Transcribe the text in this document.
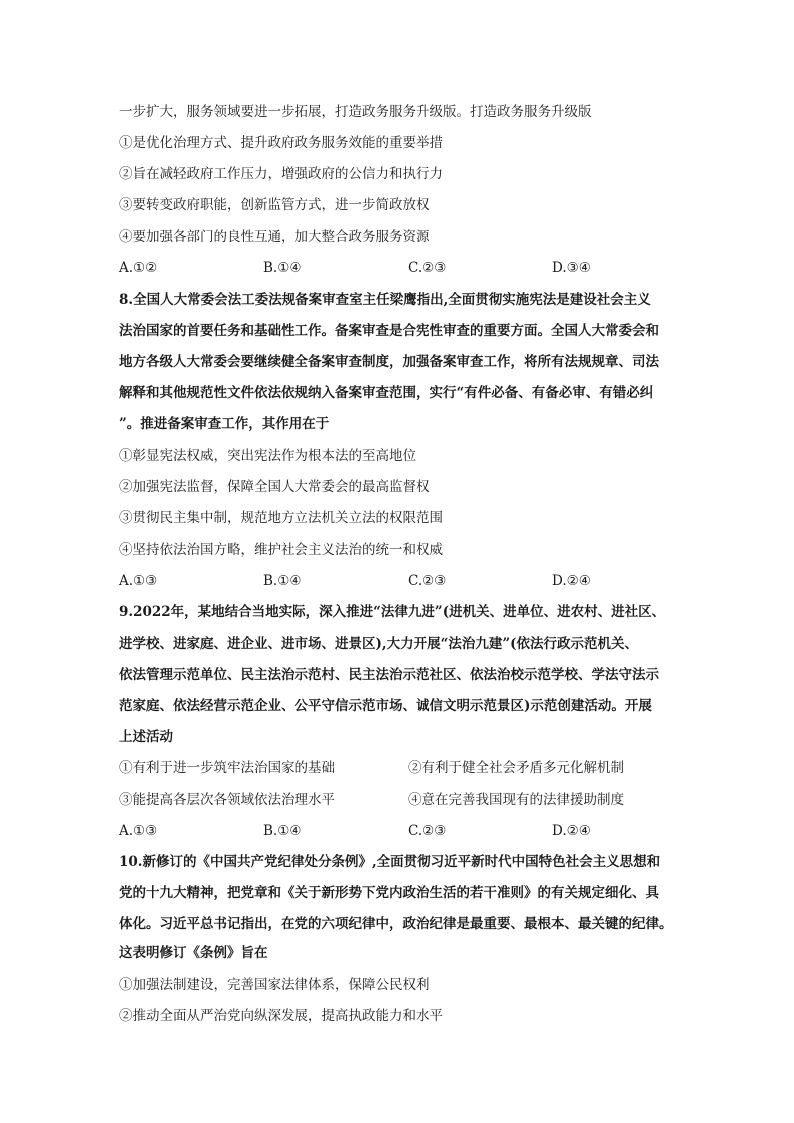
一步扩大，服务领域要进一步拓展，打造政务服务升级版。打造政务服务升级版
①是优化治理方式、提升政府政务服务效能的重要举措
②旨在减轻政府工作压力，增强政府的公信力和执行力
③要转变政府职能，创新监管方式，进一步简政放权
④要加强各部门的良性互通，加大整合政务服务资源
A.①②	B.①④	C.②③	D.③④
8.全国人大常委会法工委法规备案审查室主任梁鹰指出,全面贯彻实施宪法是建设社会主义
法治国家的首要任务和基础性工作。备案审查是合宪性审查的重要方面。全国人大常委会和
地方各级人大常委会要继续健全备案审查制度，加强备案审查工作，将所有法规规章、司法
解释和其他规范性文件依法依规纳入备案审查范围，实行“有件必备、有备必审、有错必纠
”。推进备案审查工作，其作用在于
①彰显宪法权威，突出宪法作为根本法的至高地位
②加强宪法监督，保障全国人大常委会的最高监督权
③贯彻民主集中制，规范地方立法机关立法的权限范围
④坚持依法治国方略，维护社会主义法治的统一和权威
A.①③	B.①④	C.②③	D.②④
9.2022年，某地结合当地实际，深入推进“法律九进”(进机关、进单位、进农村、进社区、
进学校、进家庭、进企业、进市场、进景区),大力开展“法治九建”(依法行政示范机关、
依法管理示范单位、民主法治示范村、民主法治示范社区、依法治校示范学校、学法守法示
范家庭、依法经营示范企业、公平守信示范市场、诚信文明示范景区)示范创建活动。开展
上述活动
①有利于进一步筑牢法治国家的基础	②有利于健全社会矛盾多元化解机制
③能提高各层次各领域依法治理水平	④意在完善我国现有的法律援助制度
A.①③	B.①④	C.②③	D.②④
10.新修订的《中国共产党纪律处分条例》,全面贯彻习近平新时代中国特色社会主义思想和
党的十九大精神，把党章和《关于新形势下党内政治生活的若干准则》的有关规定细化、具
体化。习近平总书记指出，在党的六项纪律中，政治纪律是最重要、最根本、最关键的纪律。
这表明修订《条例》旨在
①加强法制建设，完善国家法律体系，保障公民权利
②推动全面从严治党向纵深发展，提高执政能力和水平
